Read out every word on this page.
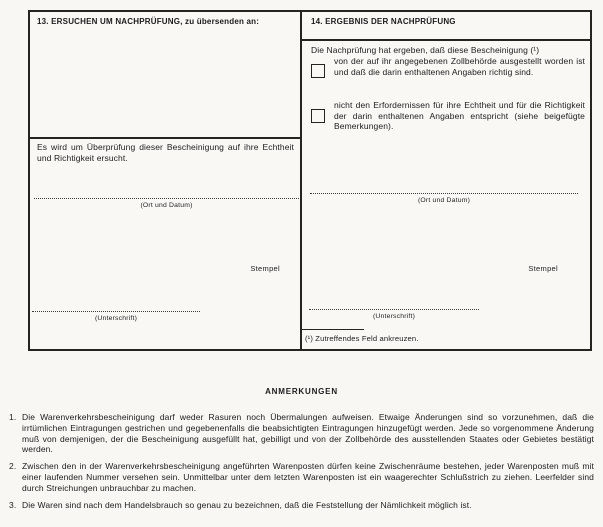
13. ERSUCHEN UM NACHPRÜFUNG, zu übersenden an:
Es wird um Überprüfung dieser Bescheinigung auf ihre Echtheit und Richtigkeit ersucht.
(Ort und Datum)
Stempel
(Unterschrift)
14. ERGEBNIS DER NACHPRÜFUNG
Die Nachprüfung hat ergeben, daß diese Bescheinigung (¹)
von der auf ihr angegebenen Zollbehörde ausgestellt worden ist und daß die darin enthaltenen Angaben richtig sind.
nicht den Erfordernissen für ihre Echtheit und für die Richtigkeit der darin enthaltenen Angaben entspricht (siehe beigefügte Bemerkungen).
(Ort und Datum)
Stempel
(Unterschrift)
(¹) Zutreffendes Feld ankreuzen.
ANMERKUNGEN
1. Die Warenverkehrsbescheinigung darf weder Rasuren noch Übermalungen aufweisen. Etwaige Änderungen sind so vorzunehmen, daß die irrtümlichen Eintragungen gestrichen und gegebenenfalls die beabsichtigten Eintragungen hinzugefügt werden. Jede so vorgenommene Änderung muß von demjenigen, der die Bescheinigung ausgefüllt hat, gebilligt und von der Zollbehörde des ausstellenden Staates oder Gebietes bestätigt werden.
2. Zwischen den in der Warenverkehrsbescheinigung angeführten Warenposten dürfen keine Zwischenräume bestehen, jeder Warenposten muß mit einer laufenden Nummer versehen sein. Unmittelbar unter dem letzten Warenposten ist ein waagerechter Schlußstrich zu ziehen. Leerfelder sind durch Streichungen unbrauchbar zu machen.
3. Die Waren sind nach dem Handelsbrauch so genau zu bezeichnen, daß die Feststellung der Nämlichkeit möglich ist.
